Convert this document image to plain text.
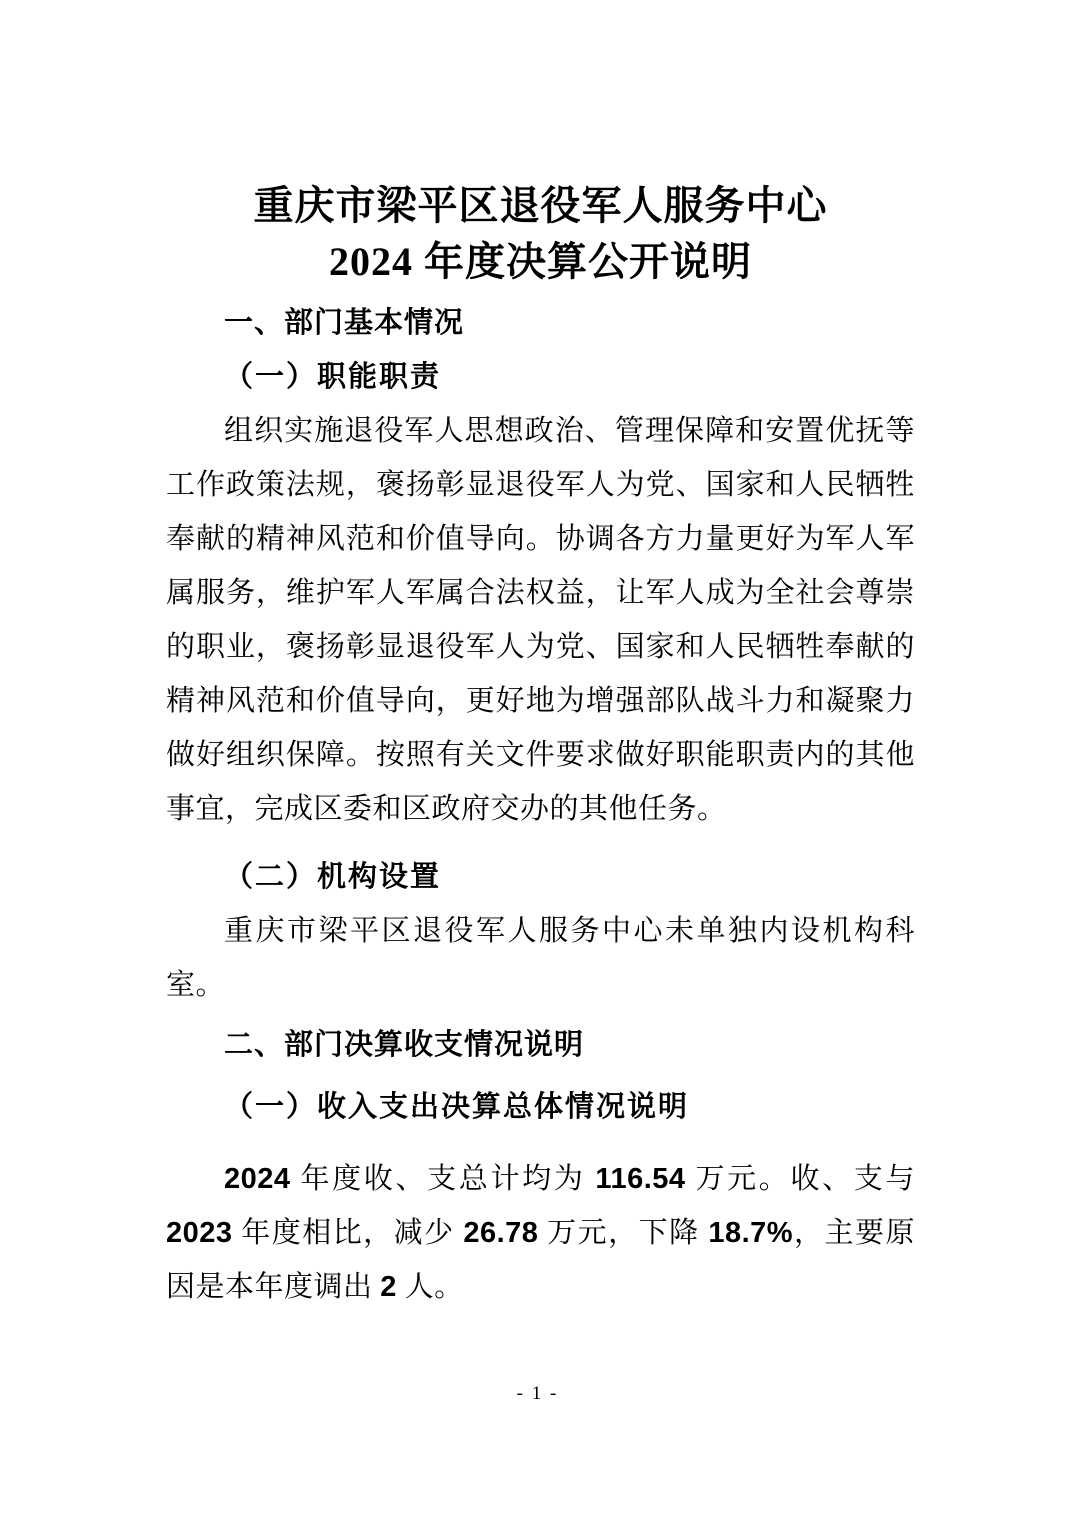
重庆市梁平区退役军人服务中心
2024 年度决算公开说明

一、部门基本情况

（一）职能职责

组织实施退役军人思想政治、管理保障和安置优抚等工作政策法规，褒扬彰显退役军人为党、国家和人民牺牲奉献的精神风范和价值导向。协调各方力量更好为军人军属服务，维护军人军属合法权益，让军人成为全社会尊崇的职业，褒扬彰显退役军人为党、国家和人民牺牲奉献的精神风范和价值导向，更好地为增强部队战斗力和凝聚力做好组织保障。按照有关文件要求做好职能职责内的其他事宜，完成区委和区政府交办的其他任务。

（二）机构设置

重庆市梁平区退役军人服务中心未单独内设机构科室。

二、部门决算收支情况说明

（一）收入支出决算总体情况说明

2024 年度收、支总计均为 116.54 万元。收、支与 2023 年度相比，减少 26.78 万元，下降 18.7%，主要原因是本年度调出 2 人。

- 1 -
